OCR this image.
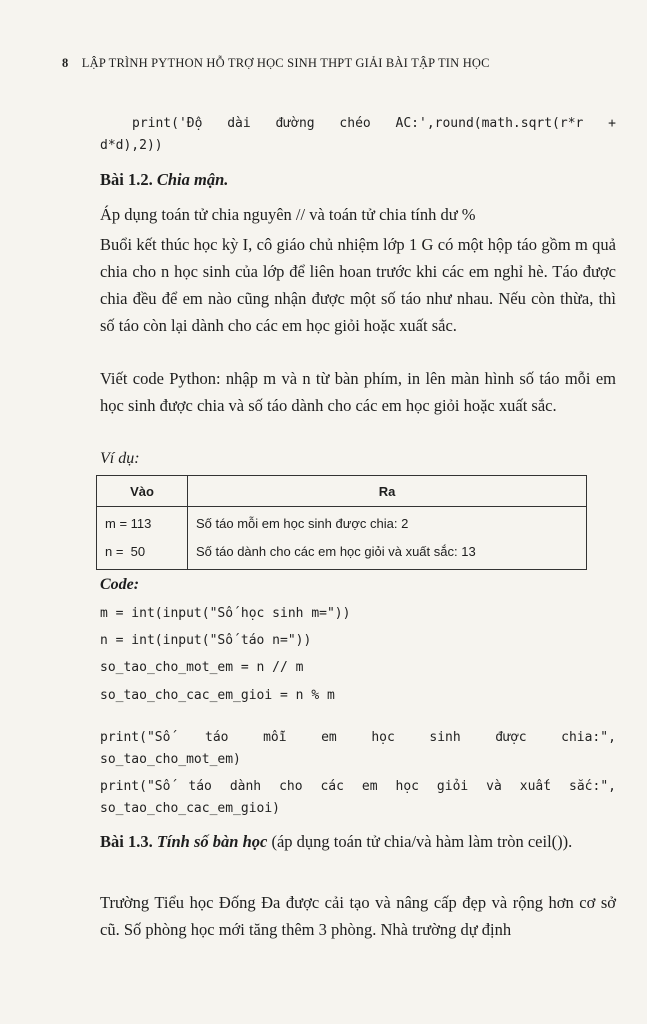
8 LẬP TRÌNH PYTHON HỖ TRỢ HỌC SINH THPT GIẢI BÀI TẬP TIN HỌC
print('Độ dài đường chéo AC:',round(math.sqrt(r*r +
d*d),2))
Bài 1.2. Chia mận.
Áp dụng toán tử chia nguyên // và toán tử chia tính dư %
Buổi kết thúc học kỳ I, cô giáo chủ nhiệm lớp 1 G có một hộp táo gồm m quả chia cho n học sinh của lớp để liên hoan trước khi các em nghỉ hè. Táo được chia đều để em nào cũng nhận được một số táo như nhau. Nếu còn thừa, thì số táo còn lại dành cho các em học giỏi hoặc xuất sắc.
Viết code Python: nhập m và n từ bàn phím, in lên màn hình số táo mỗi em học sinh được chia và số táo dành cho các em học giỏi hoặc xuất sắc.
Ví dụ:
Vào	Ra
m = 113	Số táo mỗi em học sinh được chia: 2
n =  50	Số táo dành cho các em học giỏi và xuất sắc: 13
Code:
m = int(input("Số học sinh m="))
n = int(input("Số táo n="))
so_tao_cho_mot_em = n // m
so_tao_cho_cac_em_gioi = n % m
print("Số	táo	mỗi	em	học	sinh	được	chia:",
so_tao_cho_mot_em)
print("Số táo dành cho các em học giỏi và xuất sắc:",
so_tao_cho_cac_em_gioi)
Bài 1.3. Tính số bàn học (áp dụng toán tử chia/và hàm làm tròn ceil()).
Trường Tiểu học Đống Đa được cải tạo và nâng cấp đẹp và rộng hơn cơ sở cũ. Số phòng học mới tăng thêm 3 phòng. Nhà trường dự định
